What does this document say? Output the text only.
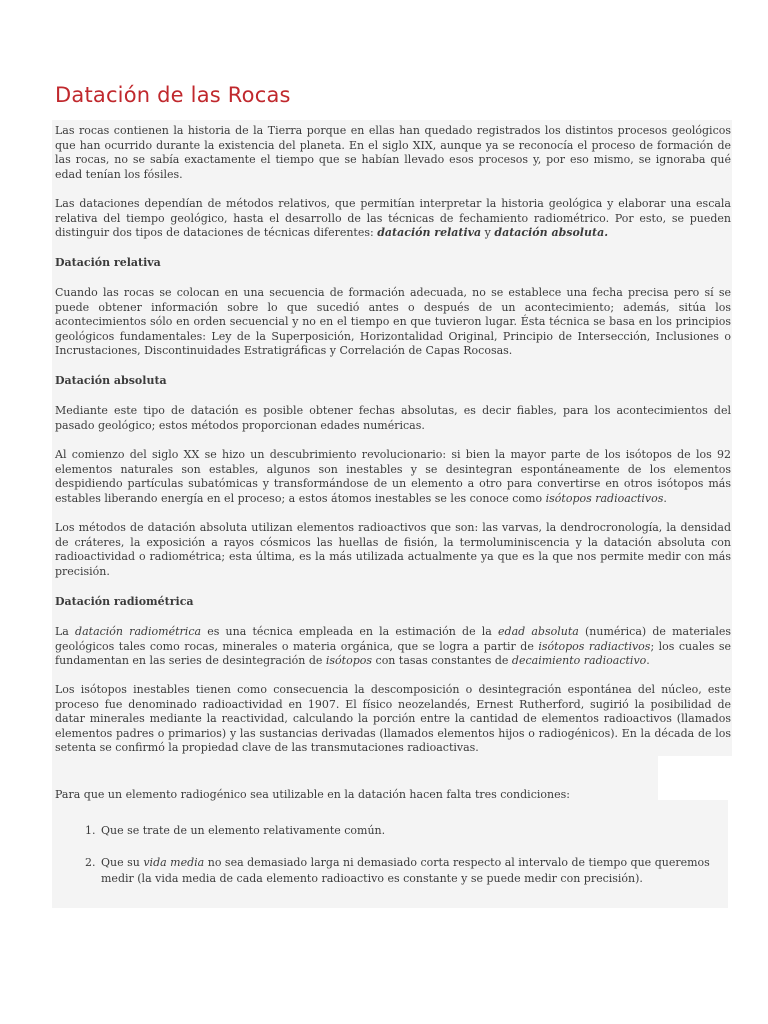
Datación de las Rocas

Las rocas contienen la historia de la Tierra porque en ellas han quedado registrados los distintos procesos geológicos que han ocurrido durante la existencia del planeta. En el siglo XIX, aunque ya se reconocía el proceso de formación de las rocas, no se sabía exactamente el tiempo que se habían llevado esos procesos y, por eso mismo, se ignoraba qué edad tenían los fósiles.

Las dataciones dependían de métodos relativos, que permitían interpretar la historia geológica y elaborar una escala relativa del tiempo geológico, hasta el desarrollo de las técnicas de fechamiento radiométrico. Por esto, se pueden distinguir dos tipos de dataciones de técnicas diferentes: datación relativa y datación absoluta.

Datación relativa

Cuando las rocas se colocan en una secuencia de formación adecuada, no se establece una fecha precisa pero sí se puede obtener información sobre lo que sucedió antes o después de un acontecimiento; además, sitúa los acontecimientos sólo en orden secuencial y no en el tiempo en que tuvieron lugar. Ésta técnica se basa en los principios geológicos fundamentales: Ley de la Superposición, Horizontalidad Original, Principio de Intersección, Inclusiones o Incrustaciones, Discontinuidades Estratigráficas y Correlación de Capas Rocosas.

Datación absoluta

Mediante este tipo de datación es posible obtener fechas absolutas, es decir fiables, para los acontecimientos del pasado geológico; estos métodos proporcionan edades numéricas.

Al comienzo del siglo XX se hizo un descubrimiento revolucionario: si bien la mayor parte de los isótopos de los 92 elementos naturales son estables, algunos son inestables y se desintegran espontáneamente de los elementos despidiendo partículas subatómicas y transformándose de un elemento a otro para convertirse en otros isótopos más estables liberando energía en el proceso; a estos átomos inestables se les conoce como isótopos radioactivos.

Los métodos de datación absoluta utilizan elementos radioactivos que son: las varvas, la dendrocronología, la densidad de cráteres, la exposición a rayos cósmicos las huellas de fisión, la termoluminiscencia y la datación absoluta con radioactividad o radiométrica; esta última, es la más utilizada actualmente ya que es la que nos permite medir con más precisión.

Datación radiométrica

La datación radiométrica es una técnica empleada en la estimación de la edad absoluta (numérica) de materiales geológicos tales como rocas, minerales o materia orgánica, que se logra a partir de isótopos radiactivos; los cuales se fundamentan en las series de desintegración de isótopos con tasas constantes de decaimiento radioactivo.

Los isótopos inestables tienen como consecuencia la descomposición o desintegración espontánea del núcleo, este proceso fue denominado radioactividad en 1907. El físico neozelandés, Ernest Rutherford, sugirió la posibilidad de datar minerales mediante la reactividad, calculando la porción entre la cantidad de elementos radioactivos (llamados elementos padres o primarios) y las sustancias derivadas (llamados elementos hijos o radiogénicos). En la década de los setenta se confirmó la propiedad clave de las transmutaciones radioactivas.

Para que un elemento radiogénico sea utilizable en la datación hacen falta tres condiciones:

1. Que se trate de un elemento relativamente común.
2. Que su vida media no sea demasiado larga ni demasiado corta respecto al intervalo de tiempo que queremos medir (la vida media de cada elemento radioactivo es constante y se puede medir con precisión).
